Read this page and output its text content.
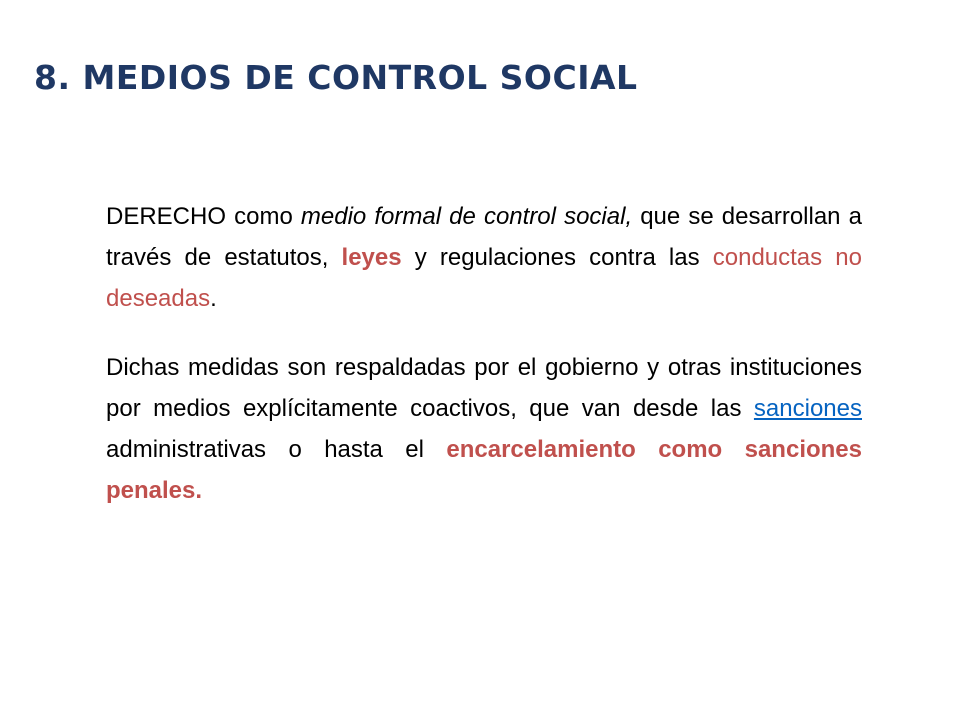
8. MEDIOS DE CONTROL SOCIAL

DERECHO como medio formal de control social, que se desarrollan a través de estatutos, leyes y regulaciones contra las conductas no deseadas.

Dichas medidas son respaldadas por el gobierno y otras instituciones por medios explícitamente coactivos, que van desde las sanciones administrativas o hasta el encarcelamiento como sanciones penales.
